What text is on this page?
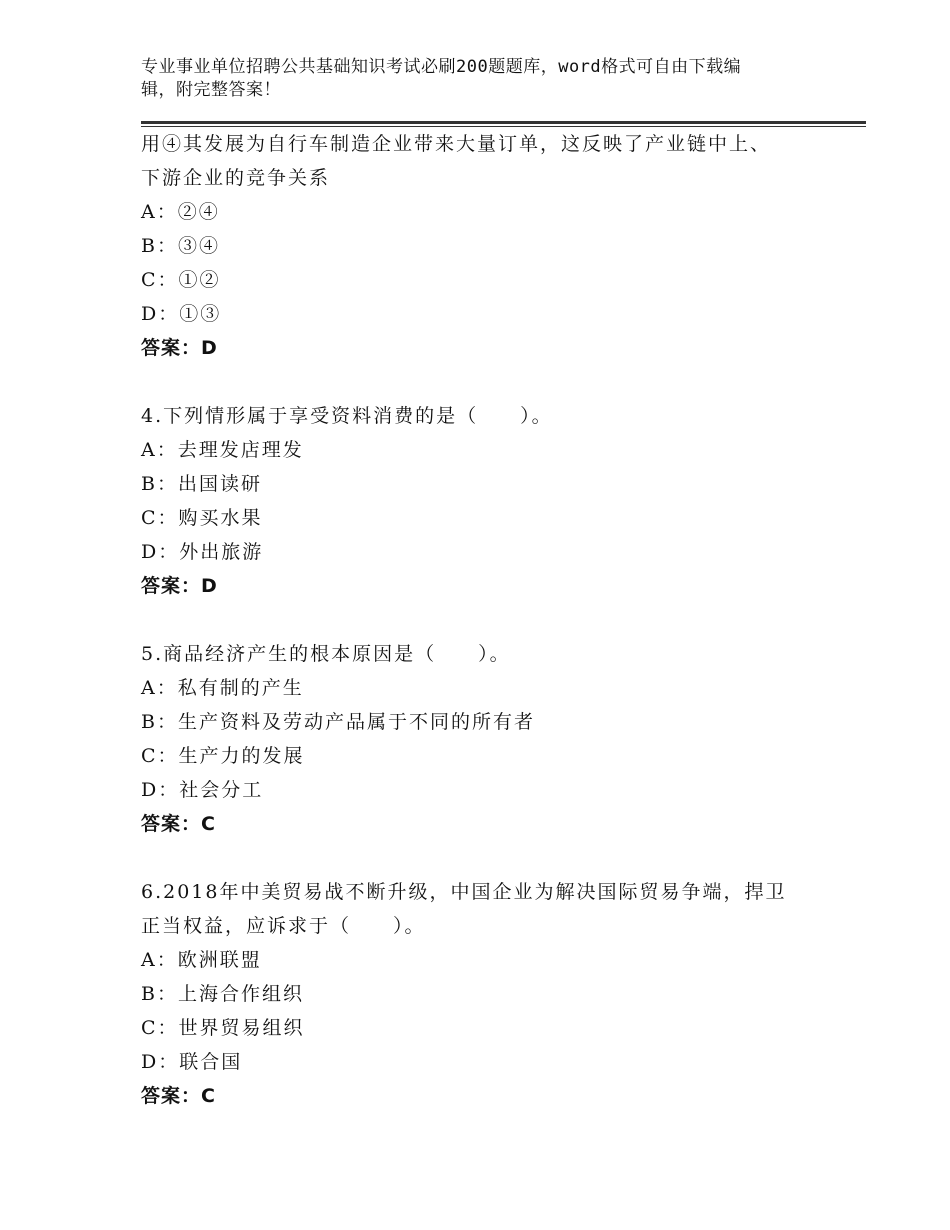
专业事业单位招聘公共基础知识考试必刷200题题库，word格式可自由下载编
辑，附完整答案！
用④其发展为自行车制造企业带来大量订单，这反映了产业链中上、
下游企业的竞争关系
A：②④
B：③④
C：①②
D：①③
答案：D
4.下列情形属于享受资料消费的是（　　）。
A：去理发店理发
B：出国读研
C：购买水果
D：外出旅游
答案：D
5.商品经济产生的根本原因是（　　）。
A：私有制的产生
B：生产资料及劳动产品属于不同的所有者
C：生产力的发展
D：社会分工
答案：C
6.2018年中美贸易战不断升级，中国企业为解决国际贸易争端，捍卫
正当权益，应诉求于（　　）。
A：欧洲联盟
B：上海合作组织
C：世界贸易组织
D：联合国
答案：C
